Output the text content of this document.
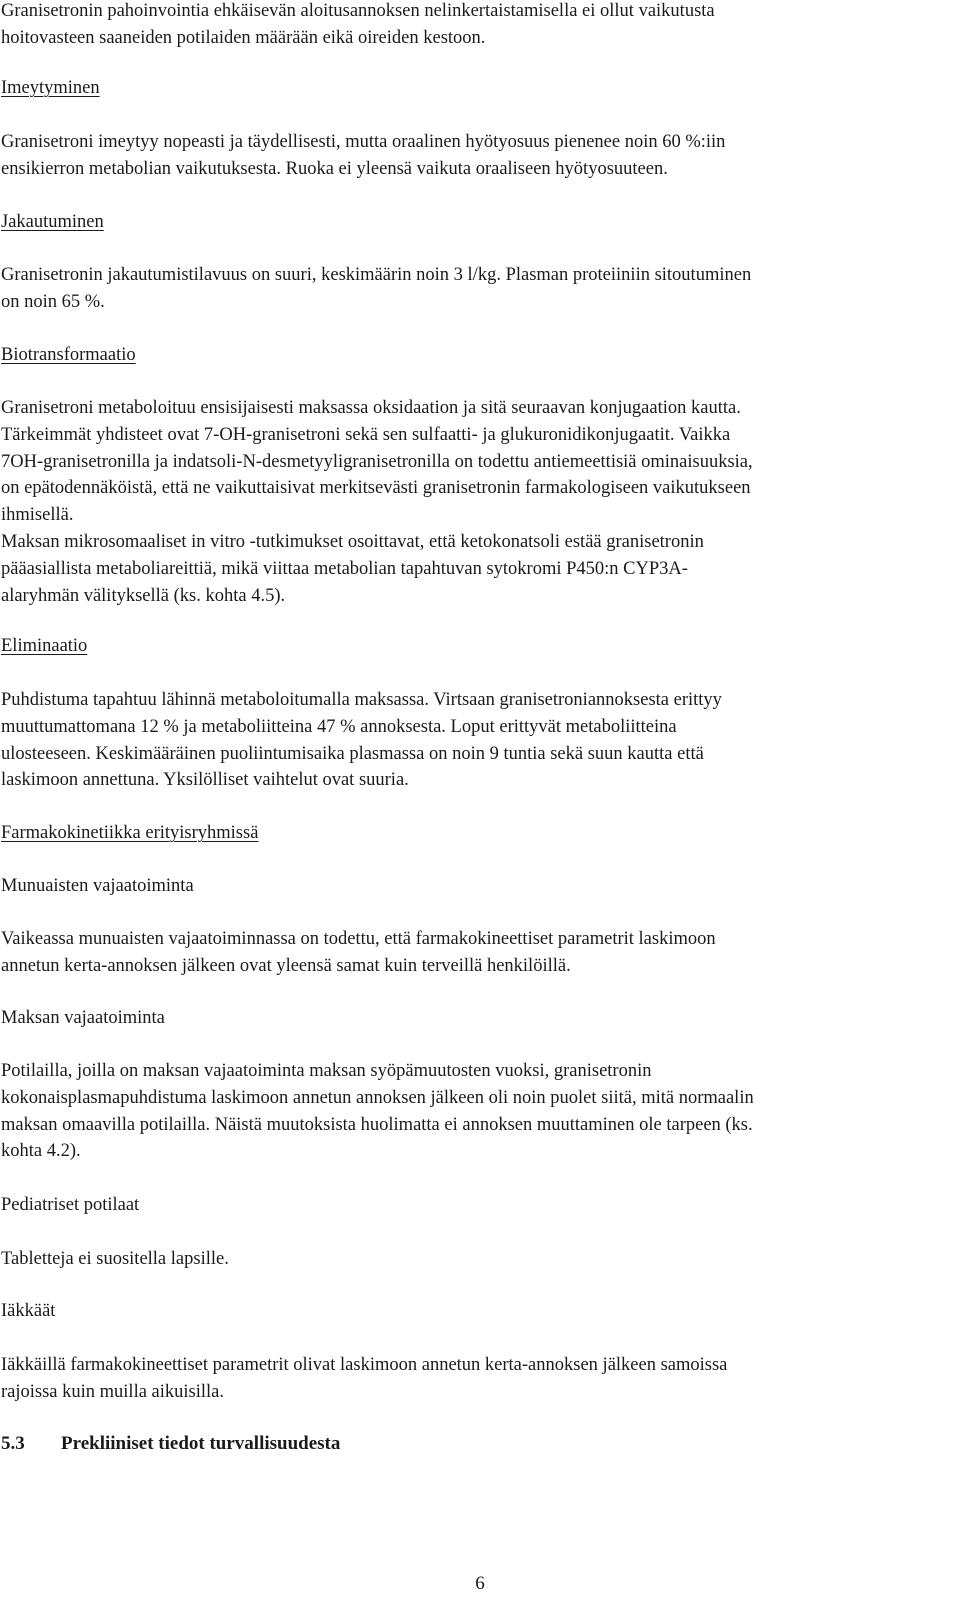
Granisetronin pahoinvointia ehkäisevän aloitusannoksen nelinkertaistamisella ei ollut vaikutusta

hoitovasteen saaneiden potilaiden määrään eikä oireiden kestoon.

Imeytyminen

Granisetroni imeytyy nopeasti ja täydellisesti, mutta oraalinen hyötyosuus pienenee noin 60 %:iin

ensikierron metabolian vaikutuksesta. Ruoka ei yleensä vaikuta oraaliseen hyötyosuuteen.

Jakautuminen

Granisetronin jakautumistilavuus on suuri, keskimäärin noin 3 l/kg. Plasman proteiiniin sitoutuminen

on noin 65 %.

Biotransformaatio

Granisetroni metaboloituu ensisijaisesti maksassa oksidaation ja sitä seuraavan konjugaation kautta.

Tärkeimmät yhdisteet ovat 7-OH-granisetroni sekä sen sulfaatti- ja glukuronidikonjugaatit. Vaikka

7OH-granisetronilla ja indatsoli-N-desmetyyligranisetronilla on todettu antiemeettisiä ominaisuuksia,

on epätodennäköistä, että ne vaikuttaisivat merkitsevästi granisetronin farmakologiseen vaikutukseen

ihmisellä.

Maksan mikrosomaaliset in vitro -tutkimukset osoittavat, että ketokonatsoli estää granisetronin

pääasiallista metaboliareittiä, mikä viittaa metabolian tapahtuvan sytokromi P450:n CYP3A-

alaryhmän välityksellä (ks. kohta 4.5).

Eliminaatio

Puhdistuma tapahtuu lähinnä metaboloitumalla maksassa. Virtsaan granisetroniannoksesta erittyy

muuttumattomana 12 % ja metaboliitteina 47 % annoksesta. Loput erittyvät metaboliitteina

ulosteeseen. Keskimääräinen puoliintumisaika plasmassa on noin 9 tuntia sekä suun kautta että

laskimoon annettuna. Yksilölliset vaihtelut ovat suuria.

Farmakokinetiikka erityisryhmissä
Munuaisten vajaatoiminta

Vaikeassa munuaisten vajaatoiminnassa on todettu, että farmakokineettiset parametrit laskimoon

annetun kerta-annoksen jälkeen ovat yleensä samat kuin terveillä henkilöillä.

Maksan vajaatoiminta

Potilailla, joilla on maksan vajaatoiminta maksan syöpämuutosten vuoksi, granisetronin

kokonaisplasmapuhdistuma laskimoon annetun annoksen jälkeen oli noin puolet siitä, mitä normaalin

maksan omaavilla potilailla. Näistä muutoksista huolimatta ei annoksen muuttaminen ole tarpeen (ks.

kohta 4.2).

Pediatriset potilaat

Tabletteja ei suositella lapsille.

Iäkkäät

Iäkkäillä farmakokineettiset parametrit olivat laskimoon annetun kerta-annoksen jälkeen samoissa

rajoissa kuin muilla aikuisilla.

5.3 Prekliiniset tiedot turvallisuudesta
6
